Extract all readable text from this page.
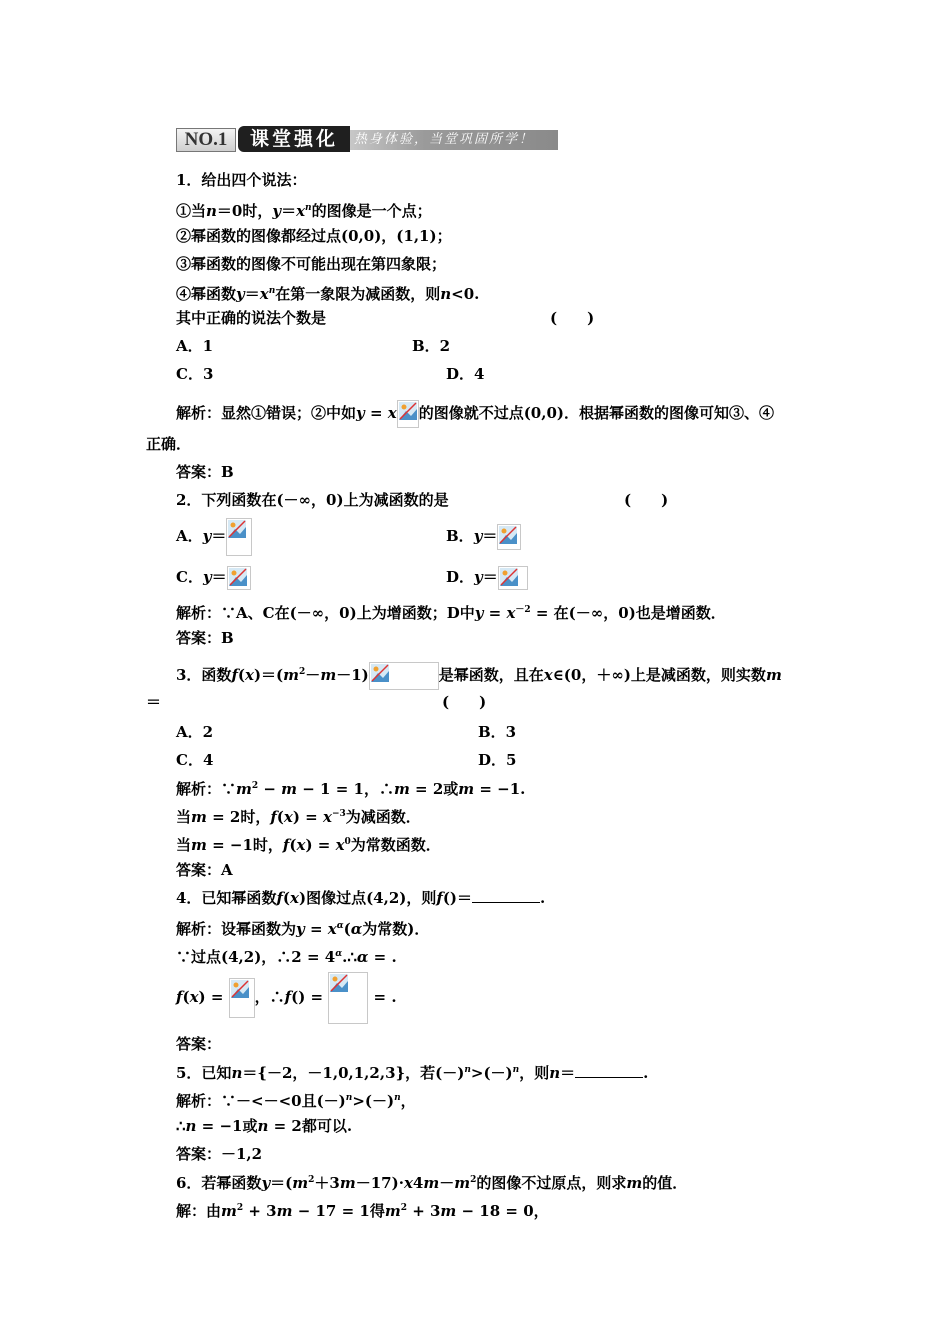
NO.1	热身体验，当堂巩固所学！
课堂强化
1．给出四个说法：
①当n＝0时，$y=x^n$的图像是一个点；
②幂函数的图像都经过点(0,0)，(1,1)；
③幂函数的图像不可能出现在第四象限；
④幂函数$y=x^n$在第一象限为减函数，则n<0.
其中正确的说法个数是	(　　)
A．1	B．2
C．3	D．4
解析：显然①错误；②中如y = x 的图像就不过点(0,0)．根据幂函数的图像可知③、④
正确．
答案：B
2．下列函数在(－∞，0)上为减函数的是	(　　)
A．y＝	B．y＝
C．y＝	D．y＝
解析：∵A、C在(－∞，0)上为增函数；D中$y = x^{-2}$ = 在(－∞，0)也是增函数．
答案：B
3．函数$f(x)=(m^2-m-1)$	是幂函数，且在x∈(0，＋∞)上是减函数，则实数m
＝	(　　)
A．2	B．3
C．4	D．5
解析：$\because m^2 - m - 1 = 1$，∴m = 2或m = −1.
当m = 2时，$f(x) = x^{-3}$为减函数．
当m = −1时，$f(x) = x^0$为常数函数．
答案：A
4．已知幂函数f(x)图像过点(4,2)，则f()＝	.
解析：设幂函数为$y = x^\alpha(\alpha$为常数)．
∵过点(4,2)，∴2 = $4^\alpha.\therefore\alpha$ = .
f(x) =
，∴f() =	= .
答案：
5．已知n＝{－2，－1,0,1,2,3}，若$(-)^n>(-)^n$，则n＝	.
解析：∵－<－<0且$(-)^n>(-)^n$，
∴n = −1或n = 2都可以.
答案：－1,2
6．若幂函数$y=(m^2+3m-17)\cdot x4m-m^2$的图像不过原点，则求m的值．
解：由$m^2 + 3m - 17 = 1$得$m^2 + 3m - 18 = 0$，
